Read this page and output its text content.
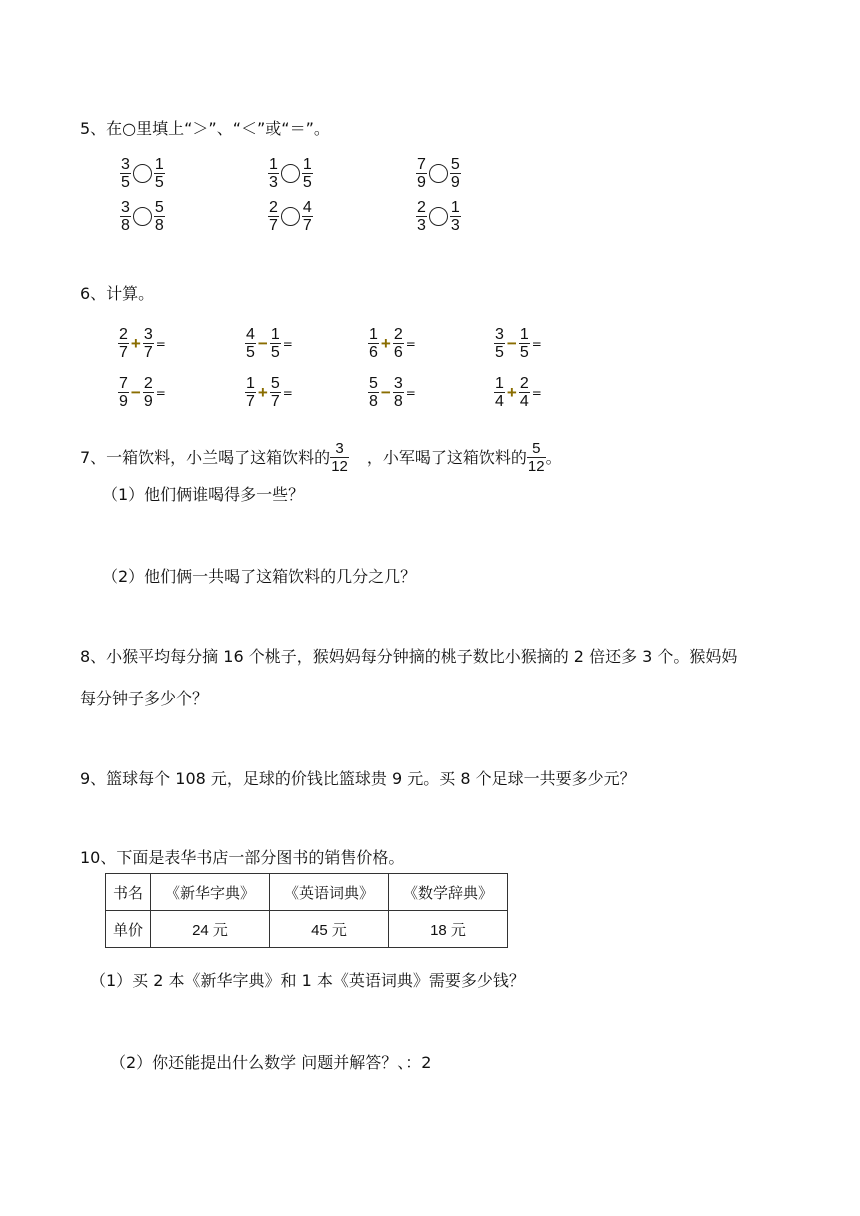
5、在○里填上“＞”、“＜”或“＝”。
$\frac{3}{5} \frac{1}{5}$	$\frac{1}{3} \frac{1}{5}$	$\frac{7}{9} \frac{5}{9}$
$\frac{3}{8} \frac{5}{8}$	$\frac{2}{7} \frac{4}{7}$	$\frac{2}{3} \frac{1}{3}$
6、计算。
$\frac{2}{7} + \frac{3}{7}$ =	$\frac{4}{5} - \frac{1}{5}$ =	$\frac{1}{6} + \frac{2}{6}$ =	$\frac{3}{5} - \frac{1}{5}$ =
$\frac{7}{9} - \frac{2}{9}$ =	$\frac{1}{7} + \frac{5}{7}$ =	$\frac{5}{8} - \frac{3}{8}$ =	$\frac{1}{4} + \frac{2}{4}$ =
7、一箱饮料，小兰喝了这箱饮料的 $\frac{3}{12}$ ，小军喝了这箱饮料的 $\frac{5}{12}$ 。
（1）他们俩谁喝得多一些？
（2）他们俩一共喝了这箱饮料的几分之几？
8、小猴平均每分摘 16 个桃子，猴妈妈每分钟摘的桃子数比小猴摘的 2 倍还多 3 个。猴妈妈
每分钟子多少个？
9、篮球每个 108 元，足球的价钱比篮球贵 9 元。买 8 个足球一共要多少元？
10、下面是表华书店一部分图书的销售价格。
书名	《新华字典》	《英语词典》	《数学辞典》
单价	24 元	45 元	18 元
（1）买 2 本《新华字典》和 1 本《英语词典》需要多少钱？
（2）你还能提出什么数学 问题并解答？、：2
